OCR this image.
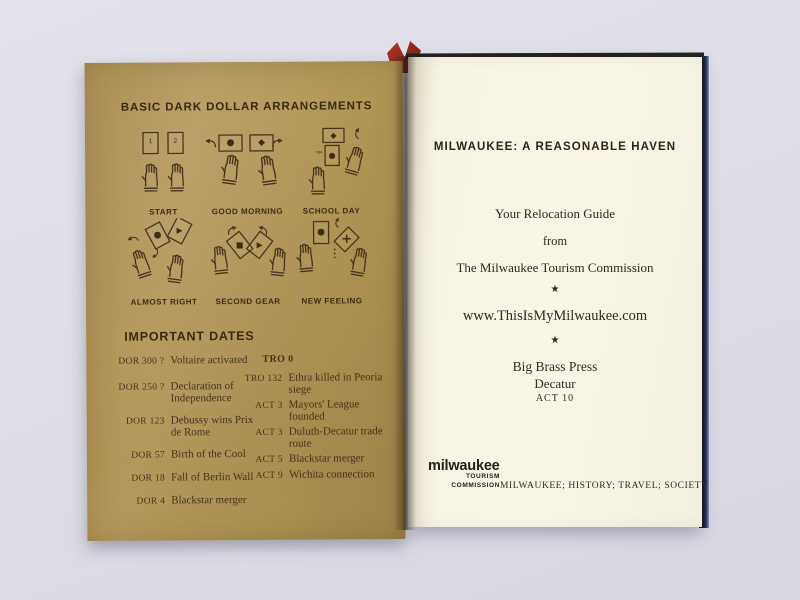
BASIC DARK DOLLAR ARRANGEMENTS
1	2
START
●	◆
GOOD MORNING
◆
●
NM
SCHOOL DAY
●
▶
ALMOST RIGHT
■ ▶
SECOND GEAR
● +
NEW FEELING
IMPORTANT DATES
DOR 300 ? Voltaire activated
DOR 250 ? Declaration of Independence
DOR 123 Debussy wins Prix de Rome
DOR 57 Birth of the Cool
DOR 18 Fall of Berlin Wall
DOR 4 Blackstar merger
TRO 0
TRO 132 Ethra killed in Peoria siege
ACT 3 Mayors' League founded
ACT 3 Duluth-Decatur trade route
ACT 5 Blackstar merger
ACT 9 Wichita connection
MILWAUKEE: A REASONABLE HAVEN
Your Relocation Guide
from
The Milwaukee Tourism Commission
★
www.ThisIsMyMilwaukee.com
★
Big Brass Press
Decatur
ACT 10
milwaukee
TOURISM
COMMISSION MILWAUKEE; HISTORY; TRAVEL; SOCIETY
